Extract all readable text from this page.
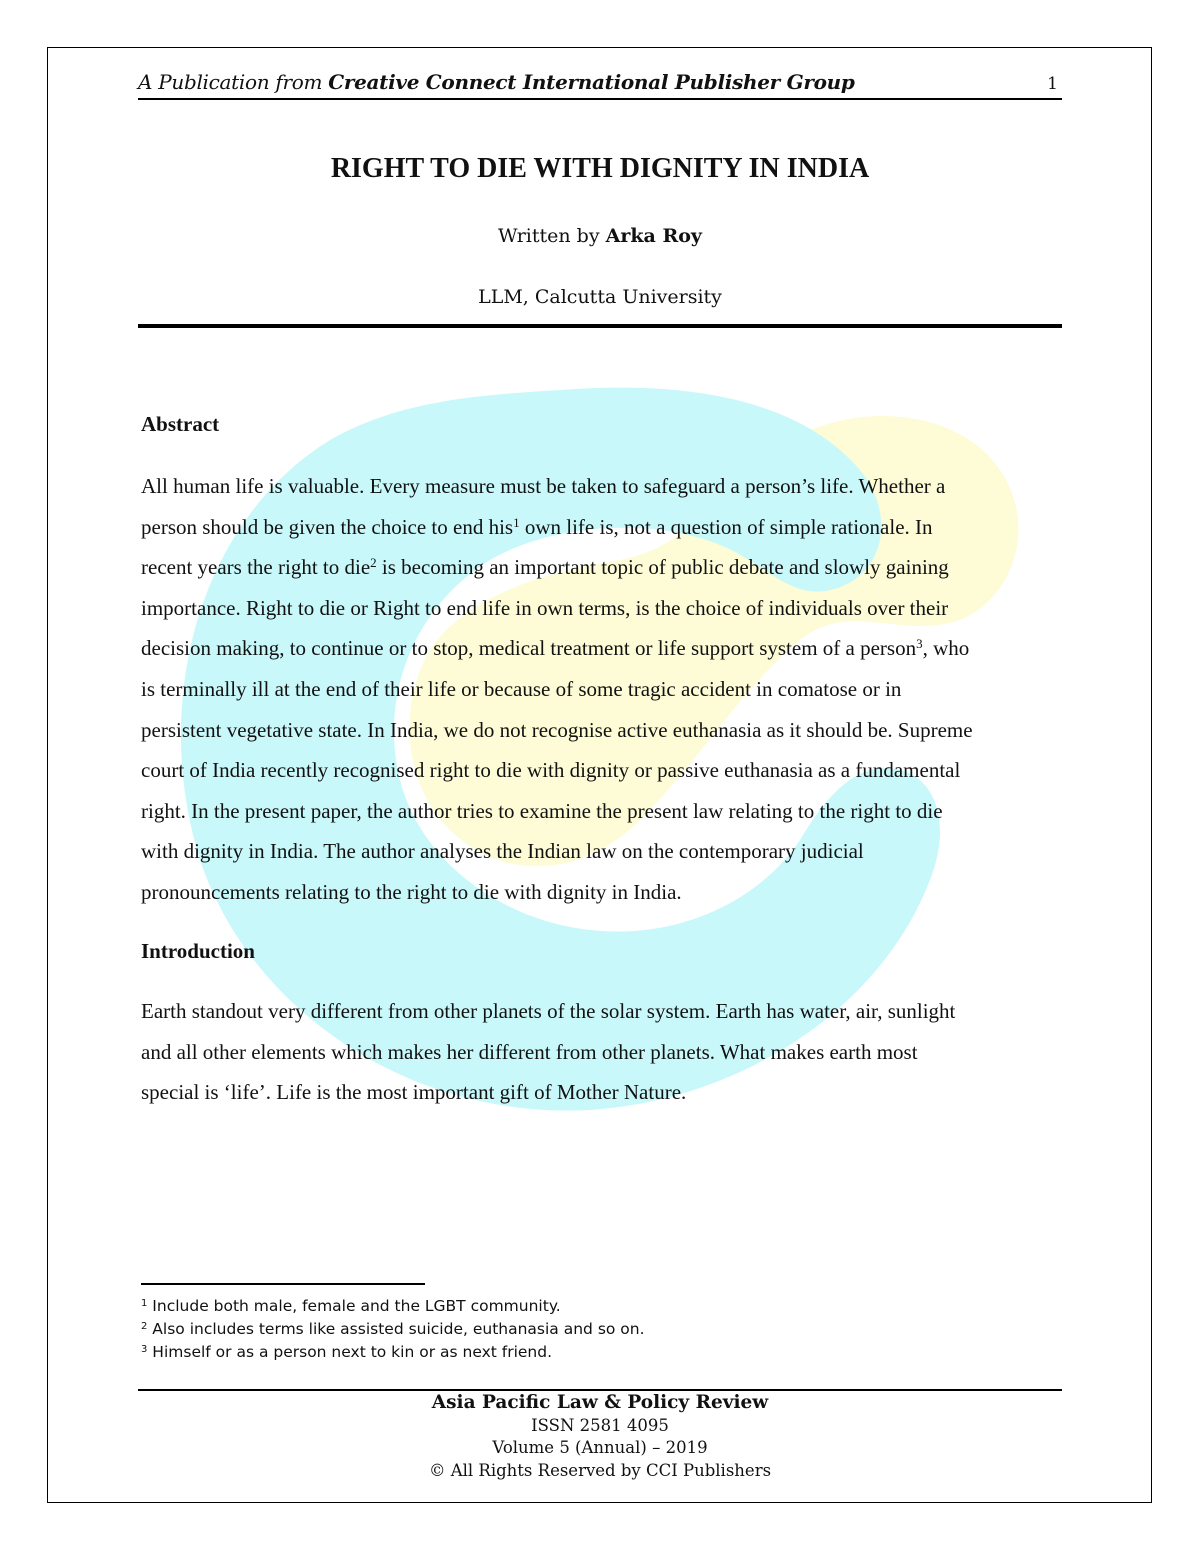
A Publication from Creative Connect International Publisher Group	1
RIGHT TO DIE WITH DIGNITY IN INDIA
Written by Arka Roy
LLM, Calcutta University
Abstract
All human life is valuable. Every measure must be taken to safeguard a person’s life. Whether a
person should be given the choice to end his$^1$ own life is, not a question of simple rationale. In
recent years the right to die$^2$ is becoming an important topic of public debate and slowly gaining
importance. Right to die or Right to end life in own terms, is the choice of individuals over their
decision making, to continue or to stop, medical treatment or life support system of a person$^3$, who
is terminally ill at the end of their life or because of some tragic accident in comatose or in
persistent vegetative state. In India, we do not recognise active euthanasia as it should be. Supreme
court of India recently recognised right to die with dignity or passive euthanasia as a fundamental
right. In the present paper, the author tries to examine the present law relating to the right to die
with dignity in India. The author analyses the Indian law on the contemporary judicial
pronouncements relating to the right to die with dignity in India.
Introduction
Earth standout very different from other planets of the solar system. Earth has water, air, sunlight
and all other elements which makes her different from other planets. What makes earth most
special is ‘life’. Life is the most important gift of Mother Nature.
$^1$ Include both male, female and the LGBT community.
$^2$ Also includes terms like assisted suicide, euthanasia and so on.
$^3$ Himself or as a person next to kin or as next friend.
Asia Pacific Law & Policy Review
ISSN 2581 4095
Volume 5 (Annual) – 2019
© All Rights Reserved by CCI Publishers
